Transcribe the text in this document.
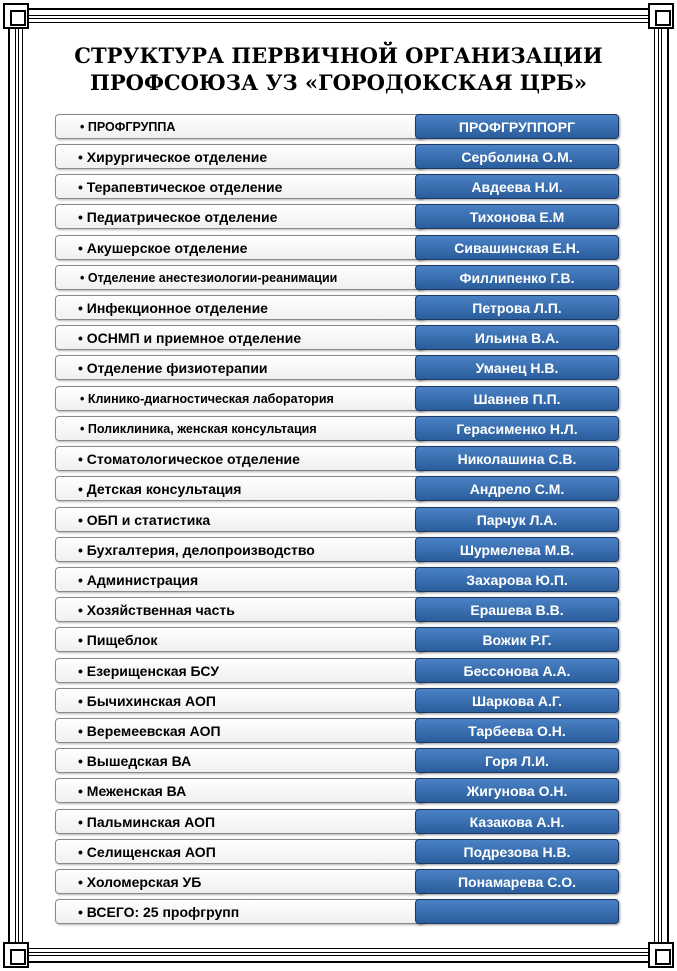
СТРУКТУРА ПЕРВИЧНОЙ ОРГАНИЗАЦИИ
ПРОФСОЮЗА УЗ «ГОРОДОКСКАЯ ЦРБ»
• ПРОФГРУППА	ПРОФГРУППОРГ
• Хирургическое отделение	Серболина О.М.
• Терапевтическое отделение	Авдеева Н.И.
• Педиатрическое отделение	Тихонова Е.М
• Акушерское отделение	Сивашинская Е.Н.
• Отделение анестезиологии-реанимации	Филлипенко Г.В.
• Инфекционное отделение	Петрова Л.П.
• ОСНМП и приемное отделение	Ильина В.А.
• Отделение физиотерапии	Уманец Н.В.
• Клинико-диагностическая лаборатория	Шавнев П.П.
• Поликлиника, женская консультация	Герасименко Н.Л.
• Стоматологическое отделение	Николашина С.В.
• Детская консультация	Андрело С.М.
• ОБП и статистика	Парчук Л.А.
• Бухгалтерия, делопроизводство	Шурмелева М.В.
• Администрация	Захарова Ю.П.
• Хозяйственная часть	Ерашева В.В.
• Пищеблок	Вожик Р.Г.
• Езерищенская БСУ	Бессонова А.А.
• Бычихинская АОП	Шаркова А.Г.
• Веремеевская АОП	Тарбеева О.Н.
• Вышедская ВА	Горя Л.И.
• Меженская ВА	Жигунова О.Н.
• Пальминская АОП	Казакова А.Н.
• Селищенская АОП	Подрезова Н.В.
• Холомерская УБ	Понамарева С.О.
• ВСЕГО: 25 профгрупп
